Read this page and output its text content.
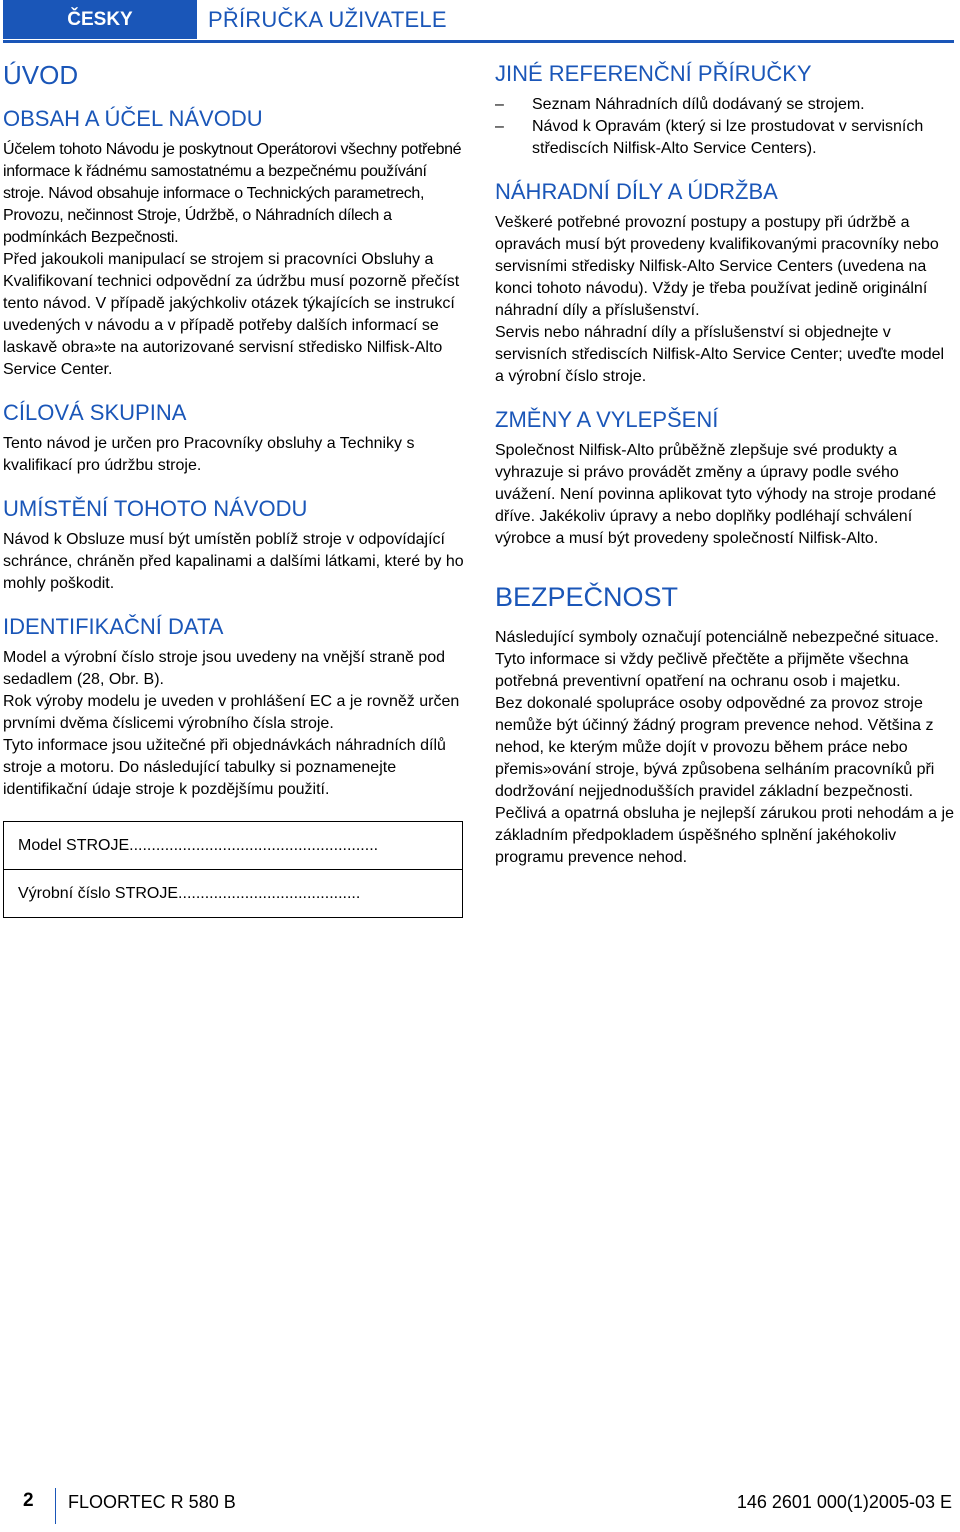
ČESKY	PŘÍRUČKA UŽIVATELE
ÚVOD
OBSAH A ÚČEL NÁVODU

Účelem tohoto Návodu je poskytnout Operátorovi všechny potřebné informace k řádnému samostatnému a bezpečnému používání stroje. Návod obsahuje informace o Technických parametrech, Provozu, nečinnost Stroje, Údržbě, o Náhradních dílech a podmínkách Bezpečnosti.

Před jakoukoli manipulací se strojem si pracovníci Obsluhy a Kvalifikovaní technici odpovědní za údržbu musí pozorně přečíst tento návod. V případě jakýchkoliv otázek týkajících se instrukcí uvedených v návodu a v případě potřeby dalších informací se laskavě obra»te na autorizované servisní středisko Nilfisk-Alto Service Center.

CÍLOVÁ SKUPINA

Tento návod je určen pro Pracovníky obsluhy a Techniky s kvalifikací pro údržbu stroje.

UMÍSTĚNÍ TOHOTO NÁVODU

Návod k Obsluze musí být umístěn poblíž stroje v odpovídající schránce, chráněn před kapalinami a dalšími látkami, které by ho mohly poškodit.

IDENTIFIKAČNÍ DATA

Model a výrobní číslo stroje jsou uvedeny na vnější straně pod sedadlem (28, Obr. B).

Rok výroby modelu je uveden v prohlášení EC a je rovněž určen prvními dvěma číslicemi výrobního čísla stroje.

Tyto informace jsou užitečné při objednávkách náhradních dílů stroje a motoru. Do následující tabulky si poznamenejte identifikační údaje stroje k pozdějšímu použití.

Model STROJE........................................................
Výrobní číslo STROJE.........................................
JINÉ REFERENČNÍ PŘÍRUČKY
– Seznam Náhradních dílů dodávaný se strojem.
– Návod k Opravám (který si lze prostudovat v servisních střediscích Nilfisk-Alto Service Centers).
NÁHRADNÍ DÍLY A ÚDRŽBA

Veškeré potřebné provozní postupy a postupy při údržbě a opravách musí být provedeny kvalifikovanými pracovníky nebo servisními středisky Nilfisk-Alto Service Centers (uvedena na konci tohoto návodu). Vždy je třeba používat jedině originální náhradní díly a příslušenství.

Servis nebo náhradní díly a příslušenství si objednejte v servisních střediscích Nilfisk-Alto Service Center; uveďte model a výrobní číslo stroje.

ZMĚNY A VYLEPŠENÍ

Společnost Nilfisk-Alto průběžně zlepšuje své produkty a vyhrazuje si právo provádět změny a úpravy podle svého uvážení. Není povinna aplikovat tyto výhody na stroje prodané dříve. Jakékoliv úpravy a nebo doplňky podléhají schválení výrobce a musí být provedeny společností Nilfisk-Alto.

BEZPEČNOST

Následující symboly označují potenciálně nebezpečné situace. Tyto informace si vždy pečlivě přečtěte a přijměte všechna potřebná preventivní opatření na ochranu osob i majetku.

Bez dokonalé spolupráce osoby odpovědné za provoz stroje nemůže být účinný žádný program prevence nehod. Většina z nehod, ke kterým může dojít v provozu během práce nebo přemis»ování stroje, bývá způsobena selháním pracovníků při dodržování nejjednodušších pravidel základní bezpečnosti. Pečlivá a opatrná obsluha je nejlepší zárukou proti nehodám a je základním předpokladem úspěšného splnění jakéhokoliv programu prevence nehod.

2 FLOORTEC R 580 B	146 2601 000(1)2005-03 E
